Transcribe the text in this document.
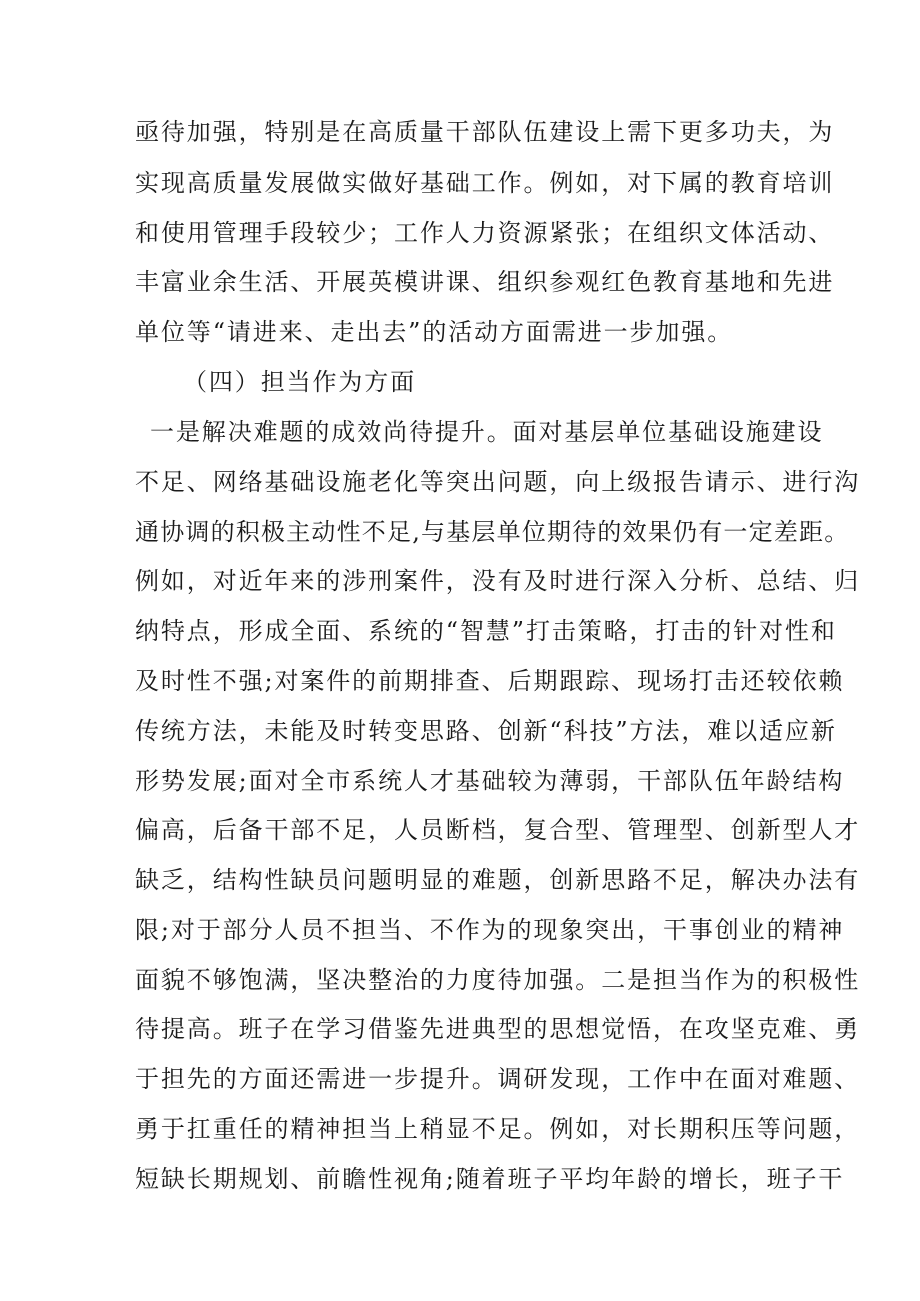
亟待加强，特别是在高质量干部队伍建设上需下更多功夫，为
实现高质量发展做实做好基础工作。例如，对下属的教育培训
和使用管理手段较少；工作人力资源紧张；在组织文体活动、
丰富业余生活、开展英模讲课、组织参观红色教育基地和先进
单位等“请进来、走出去”的活动方面需进一步加强。
（四）担当作为方面
一是解决难题的成效尚待提升。面对基层单位基础设施建设
不足、网络基础设施老化等突出问题，向上级报告请示、进行沟
通协调的积极主动性不足,与基层单位期待的效果仍有一定差距。
例如，对近年来的涉刑案件，没有及时进行深入分析、总结、归
纳特点，形成全面、系统的“智慧”打击策略，打击的针对性和
及时性不强;对案件的前期排查、后期跟踪、现场打击还较依赖
传统方法，未能及时转变思路、创新“科技”方法，难以适应新
形势发展;面对全市系统人才基础较为薄弱，干部队伍年龄结构
偏高，后备干部不足，人员断档，复合型、管理型、创新型人才
缺乏，结构性缺员问题明显的难题，创新思路不足，解决办法有
限;对于部分人员不担当、不作为的现象突出，干事创业的精神
面貌不够饱满，坚决整治的力度待加强。二是担当作为的积极性
待提高。班子在学习借鉴先进典型的思想觉悟，在攻坚克难、勇
于担先的方面还需进一步提升。调研发现，工作中在面对难题、
勇于扛重任的精神担当上稍显不足。例如，对长期积压等问题，
短缺长期规划、前瞻性视角;随着班子平均年龄的增长，班子干
